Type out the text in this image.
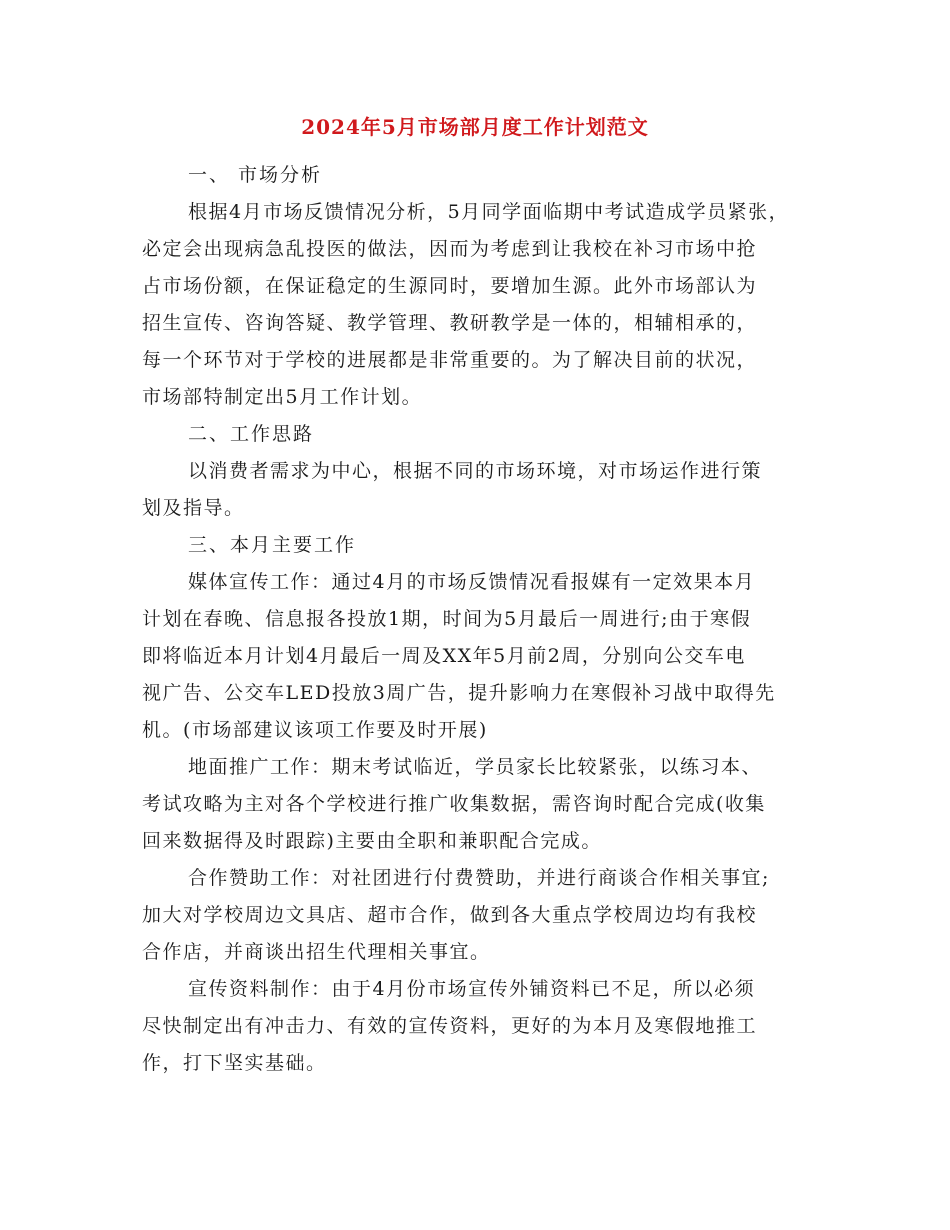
2024年5月市场部月度工作计划范文
一、 市场分析
根据4月市场反馈情况分析，5月同学面临期中考试造成学员紧张，
必定会出现病急乱投医的做法，因而为考虑到让我校在补习市场中抢
占市场份额，在保证稳定的生源同时，要增加生源。此外市场部认为
招生宣传、咨询答疑、教学管理、教研教学是一体的，相辅相承的，
每一个环节对于学校的进展都是非常重要的。为了解决目前的状况，
市场部特制定出5月工作计划。
二、工作思路
以消费者需求为中心，根据不同的市场环境，对市场运作进行策
划及指导。
三、本月主要工作
媒体宣传工作：通过4月的市场反馈情况看报媒有一定效果本月
计划在春晚、信息报各投放1期，时间为5月最后一周进行;由于寒假
即将临近本月计划4月最后一周及XX年5月前2周，分别向公交车电
视广告、公交车LED投放3周广告，提升影响力在寒假补习战中取得先
机。(市场部建议该项工作要及时开展)
地面推广工作：期末考试临近，学员家长比较紧张，以练习本、
考试攻略为主对各个学校进行推广收集数据，需咨询时配合完成(收集
回来数据得及时跟踪)主要由全职和兼职配合完成。
合作赞助工作：对社团进行付费赞助，并进行商谈合作相关事宜;
加大对学校周边文具店、超市合作，做到各大重点学校周边均有我校
合作店，并商谈出招生代理相关事宜。
宣传资料制作：由于4月份市场宣传外铺资料已不足，所以必须
尽快制定出有冲击力、有效的宣传资料，更好的为本月及寒假地推工
作，打下坚实基础。
